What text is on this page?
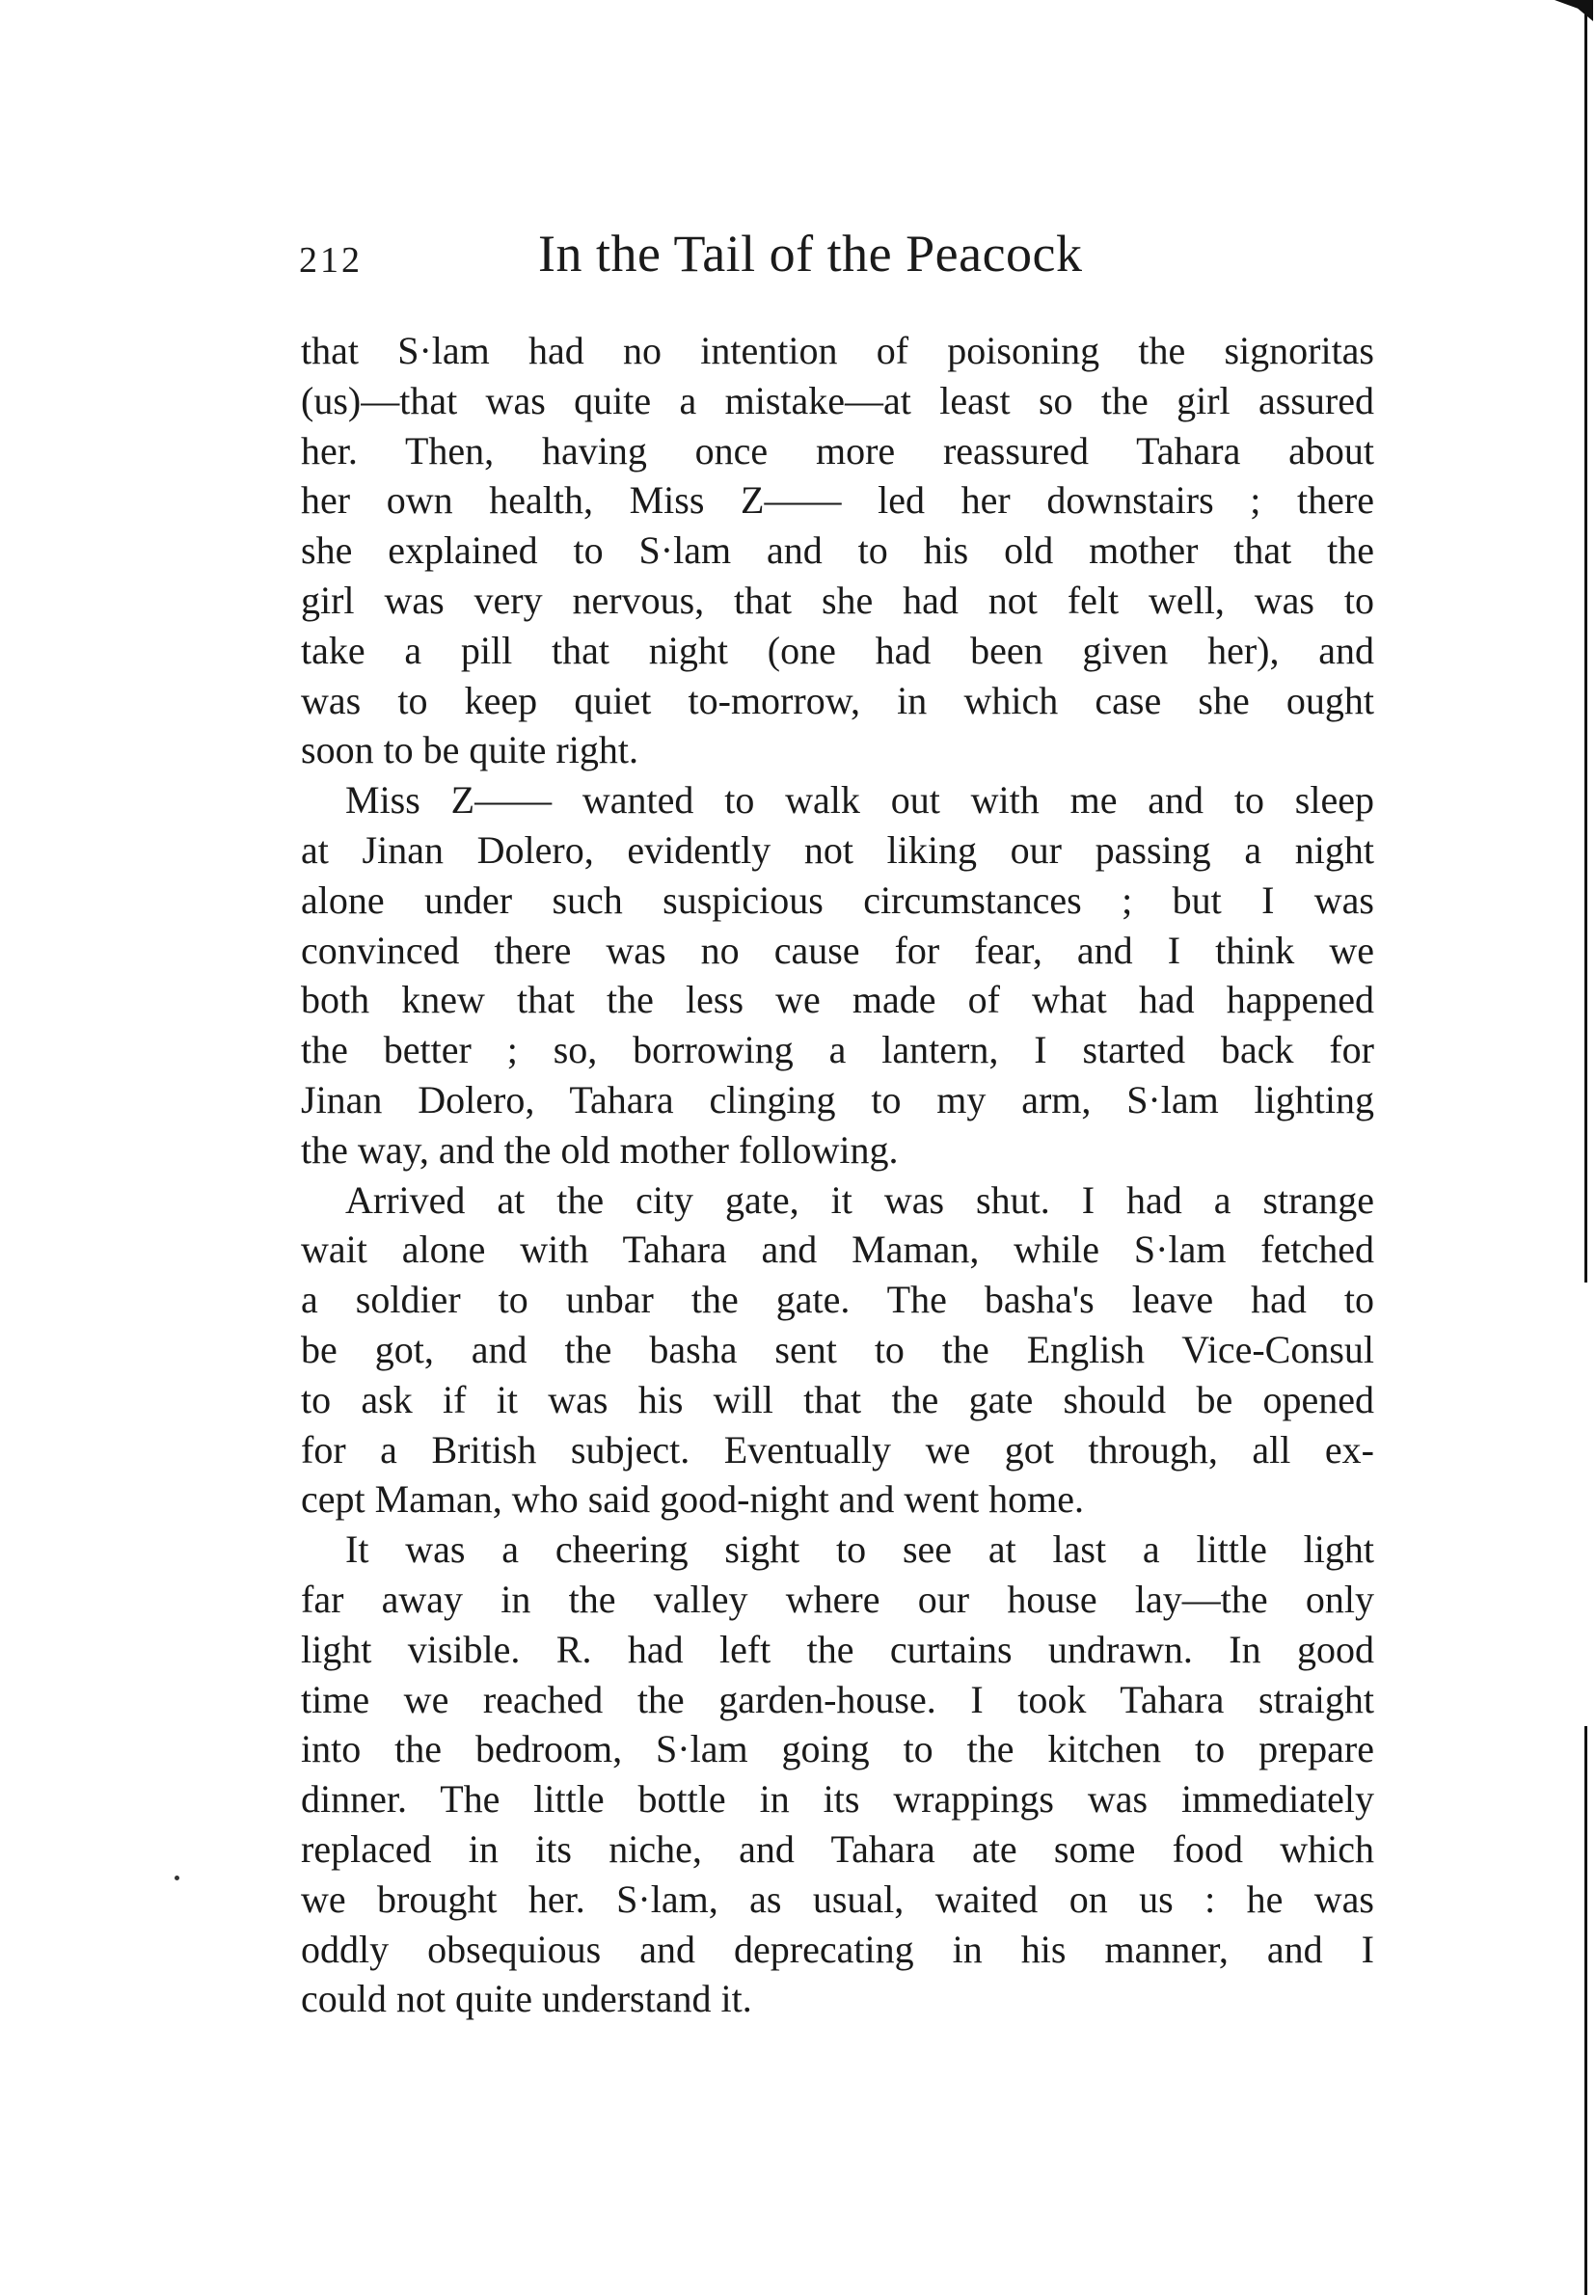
212	In the Tail of the Peacock
that S·lam had no intention of poisoning the signoritas
(us)—that was quite a mistake—at least so the girl assured
her. Then, having once more reassured Tahara about
her own health, Miss Z—— led her downstairs ; there
she explained to S·lam and to his old mother that the
girl was very nervous, that she had not felt well, was to
take a pill that night (one had been given her), and
was to keep quiet to-morrow, in which case she ought
soon to be quite right.
Miss Z—— wanted to walk out with me and to sleep
at Jinan Dolero, evidently not liking our passing a night
alone under such suspicious circumstances ; but I was
convinced there was no cause for fear, and I think we
both knew that the less we made of what had happened
the better ; so, borrowing a lantern, I started back for
Jinan Dolero, Tahara clinging to my arm, S·lam lighting
the way, and the old mother following.
Arrived at the city gate, it was shut. I had a strange
wait alone with Tahara and Maman, while S·lam fetched
a soldier to unbar the gate. The basha's leave had to
be got, and the basha sent to the English Vice-Consul
to ask if it was his will that the gate should be opened
for a British subject. Eventually we got through, all ex-
cept Maman, who said good-night and went home.
It was a cheering sight to see at last a little light
far away in the valley where our house lay—the only
light visible. R. had left the curtains undrawn. In good
time we reached the garden-house. I took Tahara straight
into the bedroom, S·lam going to the kitchen to prepare
dinner. The little bottle in its wrappings was immediately
replaced in its niche, and Tahara ate some food which
we brought her. S·lam, as usual, waited on us : he was
oddly obsequious and deprecating in his manner, and I
could not quite understand it.
